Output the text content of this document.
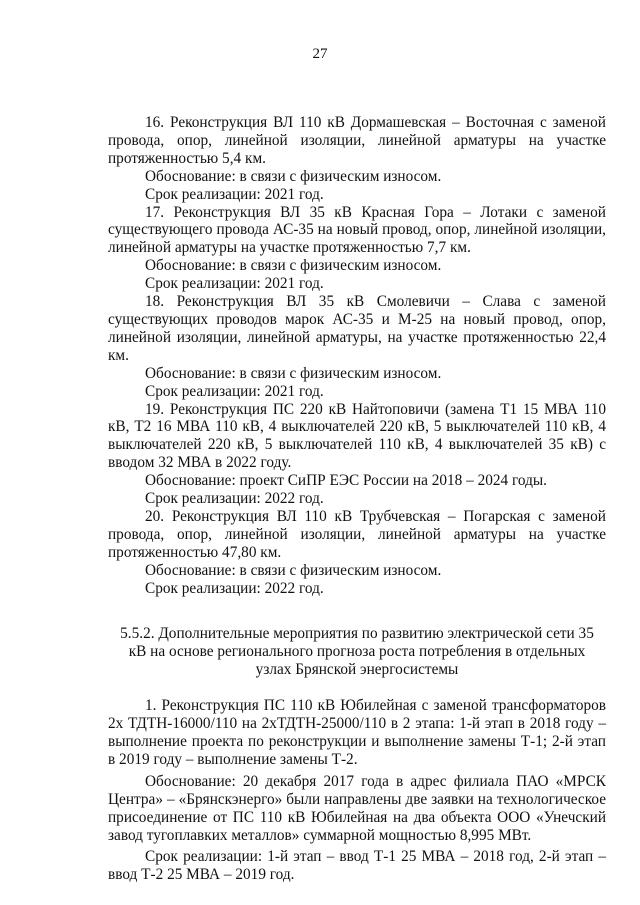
27

16. Реконструкция ВЛ 110 кВ Дормашевская – Восточная с заменой провода, опор, линейной изоляции, линейной арматуры на участке протяженностью 5,4 км.

Обоснование: в связи с физическим износом.

Срок реализации: 2021 год.

17. Реконструкция ВЛ 35 кВ Красная Гора – Лотаки с заменой существующего провода АС-35 на новый провод, опор, линейной изоляции, линейной арматуры на участке протяженностью 7,7 км.

Обоснование: в связи с физическим износом.

Срок реализации: 2021 год.

18. Реконструкция ВЛ 35 кВ Смолевичи – Слава с заменой существующих проводов марок АС-35 и М-25 на новый провод, опор, линейной изоляции, линейной арматуры, на участке протяженностью 22,4 км.

Обоснование: в связи с физическим износом.

Срок реализации: 2021 год.

19. Реконструкция ПС 220 кВ Найтоповичи (замена Т1 15 МВА 110 кВ, Т2 16 МВА 110 кВ, 4 выключателей 220 кВ, 5 выключателей 110 кВ, 4 выключателей 220 кВ, 5 выключателей 110 кВ, 4 выключателей 35 кВ) с вводом 32 МВА в 2022 году.

Обоснование: проект СиПР ЕЭС России на 2018 – 2024 годы.

Срок реализации: 2022 год.

20. Реконструкция ВЛ 110 кВ Трубчевская – Погарская с заменой провода, опор, линейной изоляции, линейной арматуры на участке протяженностью 47,80 км.

Обоснование: в связи с физическим износом.

Срок реализации: 2022 год.

5.5.2. Дополнительные мероприятия по развитию электрической сети 35 кВ на основе регионального прогноза роста потребления в отдельных узлах Брянской энергосистемы

1. Реконструкция ПС 110 кВ Юбилейная с заменой трансформаторов 2х ТДТН-16000/110 на 2хТДТН-25000/110 в 2 этапа: 1-й этап в 2018 году – выполнение проекта по реконструкции и выполнение замены Т-1; 2-й этап в 2019 году – выполнение замены Т-2.

Обоснование: 20 декабря 2017 года в адрес филиала ПАО «МРСК Центра» – «Брянскэнерго» были направлены две заявки на технологическое присоединение от ПС 110 кВ Юбилейная на два объекта ООО «Унечский завод тугоплавких металлов» суммарной мощностью 8,995 МВт.

Срок реализации: 1-й этап – ввод Т-1 25 МВА – 2018 год, 2-й этап – ввод Т-2 25 МВА – 2019 год.
